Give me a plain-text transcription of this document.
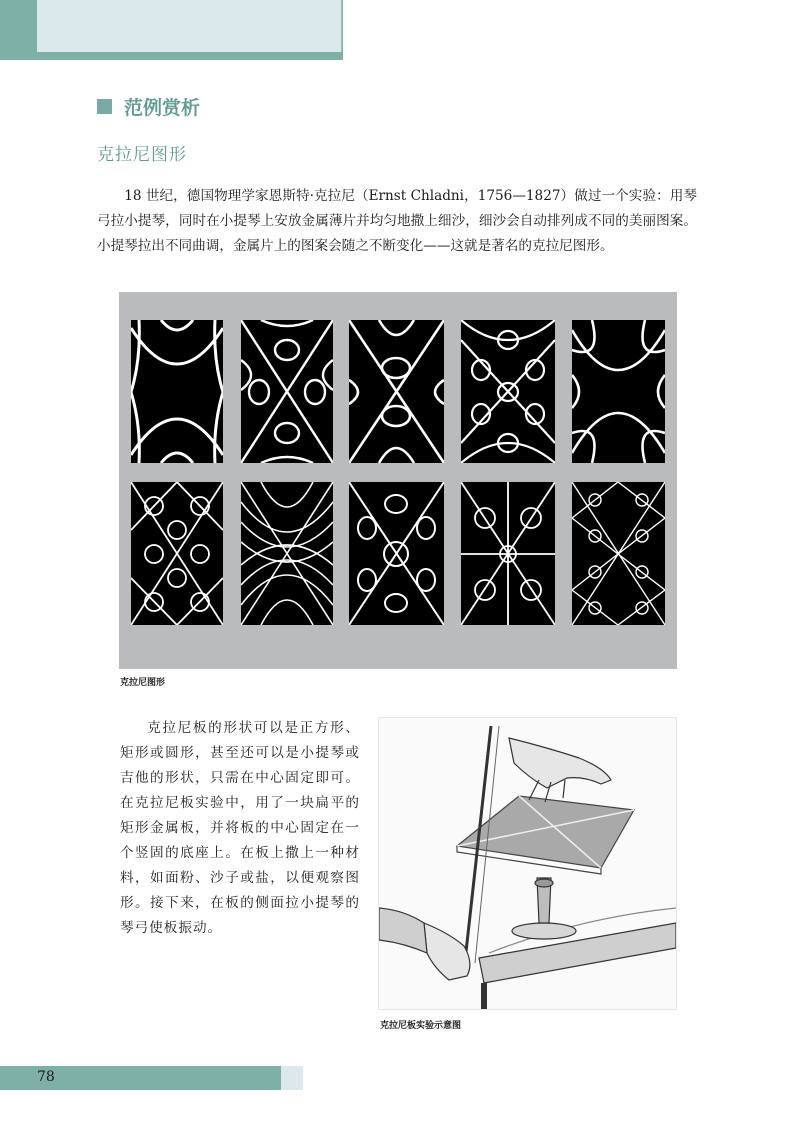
范例赏析
克拉尼图形
18 世纪，德国物理学家恩斯特·克拉尼（Ernst Chladni，1756—1827）做过一个实验：用琴弓拉小提琴，同时在小提琴上安放金属薄片并均匀地撒上细沙，细沙会自动排列成不同的美丽图案。小提琴拉出不同曲调，金属片上的图案会随之不断变化——这就是著名的克拉尼图形。
克拉尼图形
克拉尼板的形状可以是正方形、矩形或圆形，甚至还可以是小提琴或吉他的形状，只需在中心固定即可。在克拉尼板实验中，用了一块扁平的矩形金属板，并将板的中心固定在一个竖固的底座上。在板上撒上一种材料，如面粉、沙子或盐，以便观察图形。接下来，在板的侧面拉小提琴的琴弓使板振动。
克拉尼板实验示意图
78
